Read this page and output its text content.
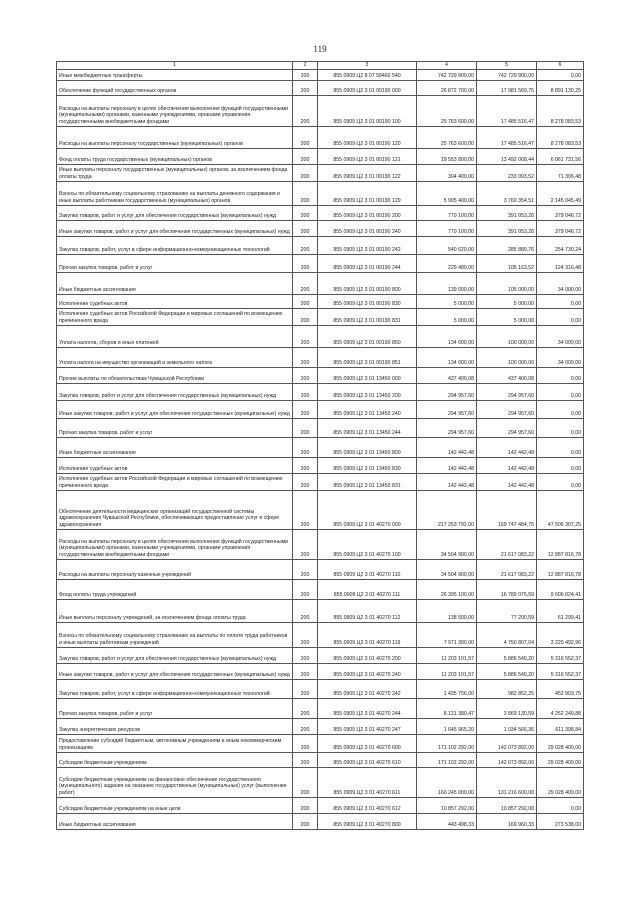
119
1	2	3	4	5	6
Иные межбюджетные трансферты	200	855 0909 Ц2 8 07 58460 540	742 729 900,00	742 729 900,00	0,00
Обеспечение функций государственных органов	200	855 0909 Ц2 3 01 00190 000	26 872 700,00	17 981 569,75	8 891 130,25
Расходы на выплаты персоналу в целях обеспечения выполнения функций государственными (муниципальными) органами, казенными учреждениями, органами управления государственными внебюджетными фондами	200	855 0909 Ц2 3 01 00190 100	25 763 600,00	17 485 516,47	8 278 083,53
Расходы на выплаты персоналу государственных (муниципальных) органов	200	855 0909 Ц2 3 01 00190 120	25 763 600,00	17 485 516,47	8 278 083,53
Фонд оплаты труда государственных (муниципальных) органов	200	855 0909 Ц2 3 01 00190 121	19 553 800,00	13 492 068,44	6 061 731,56
Иные выплаты персоналу государственных (муниципальных) органов, за исключением фонда оплаты труда	200	855 0909 Ц2 3 01 00190 122	304 400,00	233 093,52	71 306,48
Взносы по обязательному социальному страхованию на выплаты денежного содержания и иные выплаты работникам государственных (муниципальных) органов	200	855 0909 Ц2 3 01 00190 129	5 905 400,00	3 760 354,51	2 145 045,49
Закупка товаров, работ и услуг для обеспечения государственных (муниципальных) нужд	200	855 0909 Ц2 3 01 00190 200	770 100,00	391 053,28	379 046,72
Иные закупки товаров, работ и услуг для обеспечения государственных (муниципальных) нужд	200	855 0909 Ц2 3 01 00190 240	770 100,00	391 053,28	379 046,72
Закупка товаров, работ, услуг в сфере информационно-коммуникационных технологий	200	855 0909 Ц2 3 01 00190 242	540 620,00	285 889,76	254 730,24
Прочая закупка товаров, работ и услуг	200	855 0909 Ц2 3 01 00190 244	229 480,00	105 163,52	124 316,48
Иные бюджетные ассигнования	200	855 0909 Ц2 3 01 00190 800	139 000,00	105 000,00	34 000,00
Исполнение судебных актов	200	855 0909 Ц2 3 01 00190 830	5 000,00	5 000,00	0,00
Исполнение судебных актов Российской Федерации и мировых соглашений по возмещению причиненного вреда	200	855 0909 Ц2 3 01 00190 831	5 000,00	5 000,00	0,00
Уплата налогов, сборов и иных платежей	200	855 0909 Ц2 3 01 00190 850	134 000,00	100 000,00	34 000,00
Уплата налога на имущество организаций и земельного налога	200	855 0909 Ц2 3 01 00190 851	134 000,00	100 000,00	34 000,00
Прочие выплаты по обязательствам Чувашской Республики	200	855 0909 Ц2 3 01 13450 000	437 400,08	437 400,08	0,00
Закупка товаров, работ и услуг для обеспечения государственных (муниципальных) нужд	200	855 0909 Ц2 3 01 13450 200	294 957,60	294 957,60	0,00
Иные закупки товаров, работ и услуг для обеспечения государственных (муниципальных) нужд	200	855 0909 Ц2 3 01 13450 240	294 957,60	294 957,60	0,00
Прочая закупка товаров, работ и услуг	200	855 0909 Ц2 3 01 13450 244	294 957,60	294 957,60	0,00
Иные бюджетные ассигнования	200	855 0909 Ц2 3 01 13450 800	142 442,48	142 442,48	0,00
Исполнение судебных актов	200	855 0909 Ц2 3 01 13450 830	142 442,48	142 442,48	0,00
Исполнение судебных актов Российской Федерации и мировых соглашений по возмещению причиненного вреда	200	855 0909 Ц2 3 01 13450 831	142 442,48	142 442,48	0,00
Обеспечение деятельности медицинских организаций государственной системы здравоохранения Чувашской Республики, обеспечивающих предоставление услуг в сфере здравоохранения	200	855 0909 Ц2 3 01 40270 000	217 253 792,00	169 747 484,75	47 506 307,25
Расходы на выплаты персоналу в целях обеспечения выполнения функций государственными (муниципальными) органами, казенными учреждениями, органами управления государственными внебюджетными фондами	200	855 0909 Ц2 3 01 40270 100	34 504 900,00	21 617 083,22	12 887 816,78
Расходы на выплаты персоналу казенных учреждений	200	855 0909 Ц2 3 01 40270 110	34 504 900,00	21 617 083,22	12 887 816,78
Фонд оплаты труда учреждений	200	855 0909 Ц2 3 01 40270 111	26 395 100,00	16 789 075,59	9 606 024,41
Иные выплаты персоналу учреждений, за исключением фонда оплаты труда	200	855 0909 Ц2 3 01 40270 112	138 500,00	77 200,59	61 299,41
Взносы по обязательному социальному страхованию на выплаты по оплате труда работников и иные выплаты работникам учреждений	200	855 0909 Ц2 3 01 40270 119	7 971 300,00	4 750 807,04	3 220 492,96
Закупка товаров, работ и услуг для обеспечения государственных (муниципальных) нужд	200	855 0909 Ц2 3 01 40270 200	11 203 101,57	5 886 549,20	5 316 552,37
Иные закупки товаров, работ и услуг для обеспечения государственных (муниципальных) нужд	200	855 0909 Ц2 3 01 40270 240	11 203 101,57	5 886 549,20	5 316 552,37
Закупка товаров, работ, услуг в сфере информационно-коммуникационных технологий	200	855 0909 Ц2 3 01 40270 242	1 435 756,00	982 852,25	452 903,75
Прочая закупка товаров, работ и услуг	200	855 0909 Ц2 3 01 40270 244	8 121 380,47	3 869 130,59	4 252 249,88
Закупка энергетических ресурсов	200	855 0909 Ц2 3 01 40270 247	1 645 965,20	1 034 566,36	611 398,84
Предоставление субсидий бюджетным, автономным учреждениям и иным некоммерческим организациям	200	855 0909 Ц2 3 01 40270 600	171 102 292,00	142 073 892,00	29 028 400,00
Субсидии бюджетным учреждениям	200	855 0909 Ц2 3 01 40270 610	171 102 292,00	142 073 892,00	29 028 400,00
Субсидии бюджетным учреждениям на финансовое обеспечение государственного (муниципального) задания на оказание государственных (муниципальных) услуг (выполнение работ)	200	855 0909 Ц2 3 01 40270 611	160 245 000,00	131 216 600,00	29 028 400,00
Субсидии бюджетным учреждениям на иные цели	200	855 0909 Ц2 3 01 40270 612	10 857 292,00	10 857 292,00	0,00
Иные бюджетные ассигнования	200	855 0909 Ц2 3 01 40270 800	443 498,33	169 960,33	273 538,00
